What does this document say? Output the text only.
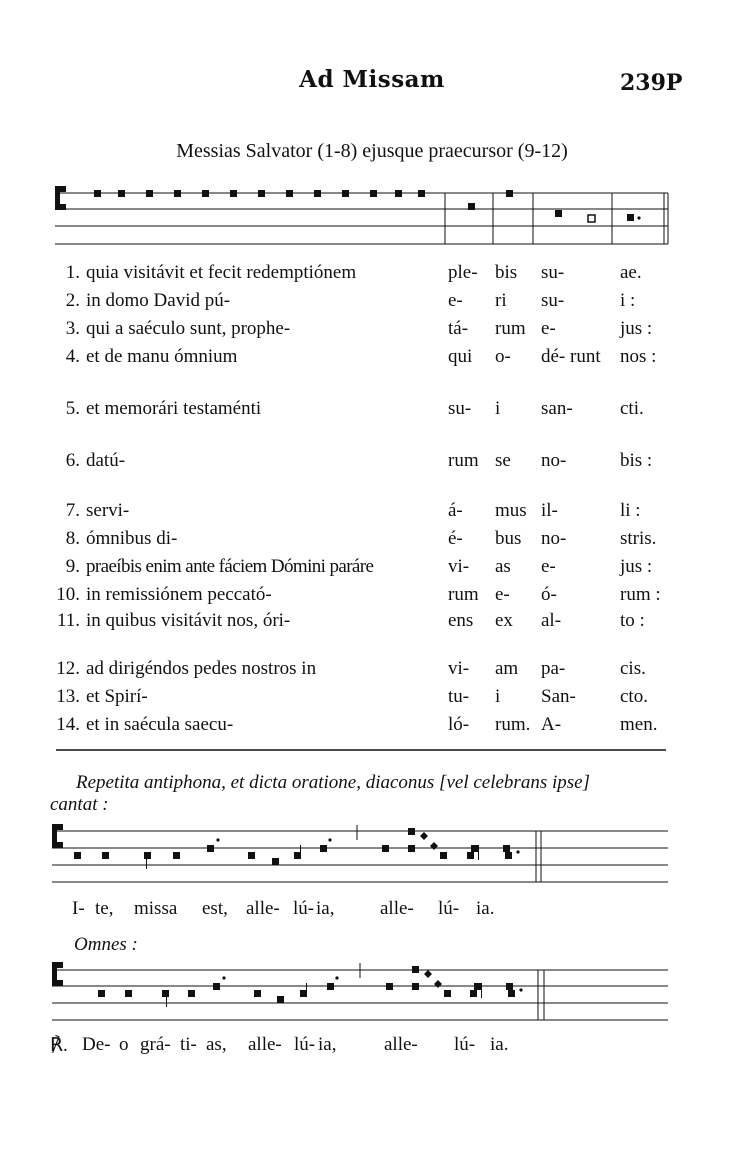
Ad Missam	239P
Messias Salvator (1-8) ejusque praecursor (9-12)
1. quia visitávit et fecit redemptiónem	ple- bis su-	ae.
2. in domo David pú-	e- ri su-	i :
3. qui a saéculo sunt, prophe-	tá- rum e-	jus :
4. et de manu ómnium	qui o- dé- runt nos :
5. et memorári testaménti	su- i san- cti.
6. datú-	rum se no-	bis :
7. servi-	á- mus il-	li :
8. ómnibus di-	é- bus no-	stris.
9. praeíbis enim ante fáciem Dómini paráre	vi- as e-	jus :
10. in remissiónem peccató-	rum e- ó-	rum :
11. in quibus visitávit nos, óri-	ens ex al-	to :
12. ad dirigéndos pedes nostros in	vi- am pa-	cis.
13. et Spirí-	tu- i San- cto.
14. et in saécula saecu-	ló- rum. A-	men.
Repetita antiphona, et dicta oratione, diaconus [vel celebrans ipse]
cantat :
I- te, missa est, alle- lú- ia, alle- lú- ia.
Omnes :
℟. De- o grá- ti- as, alle- lú- ia,	alle- lú- ia.
